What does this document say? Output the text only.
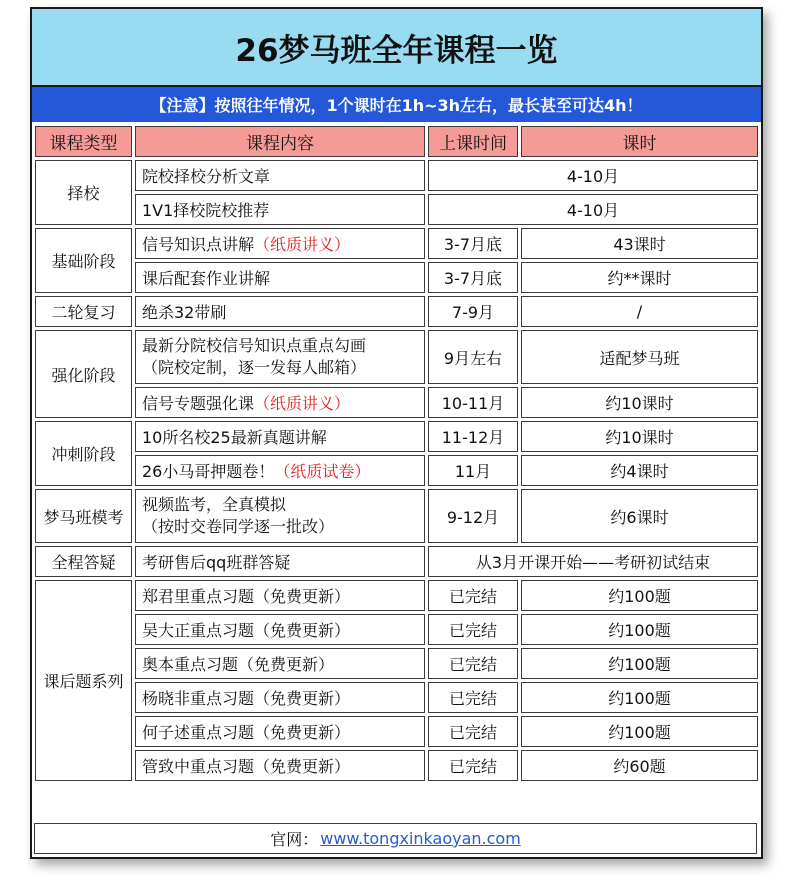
26梦马班全年课程一览
【注意】按照往年情况，1个课时在1h~3h左右，最长甚至可达4h！
课程类型	课程内容	上课时间	课时
择校	院校择校分析文章	4-10月	
	1V1择校院校推荐	4-10月	
基础阶段	信号知识点讲解（纸质讲义）	3-7月底	43课时
	课后配套作业讲解	3-7月底	约**课时
二轮复习	绝杀32带刷	7-9月	/
强化阶段	最新分院校信号知识点重点勾画
（院校定制，逐一发每人邮箱）	9月左右	适配梦马班
	信号专题强化课（纸质讲义）	10-11月	约10课时
冲刺阶段	10所名校25最新真题讲解	11-12月	约10课时
	26小马哥押题卷！（纸质试卷）	11月	约4课时
梦马班模考	视频监考，全真模拟
（按时交卷同学逐一批改）	9-12月	约6课时
全程答疑	考研售后qq班群答疑	从3月开课开始——考研初试结束	
课后题系列	郑君里重点习题（免费更新）	已完结	约100题
	吴大正重点习题（免费更新）	已完结	约100题
	奥本重点习题（免费更新）	已完结	约100题
	杨晓非重点习题（免费更新）	已完结	约100题
	何子述重点习题（免费更新）	已完结	约100题
	管致中重点习题（免费更新）	已完结	约60题
官网： www.tongxinkaoyan.com
